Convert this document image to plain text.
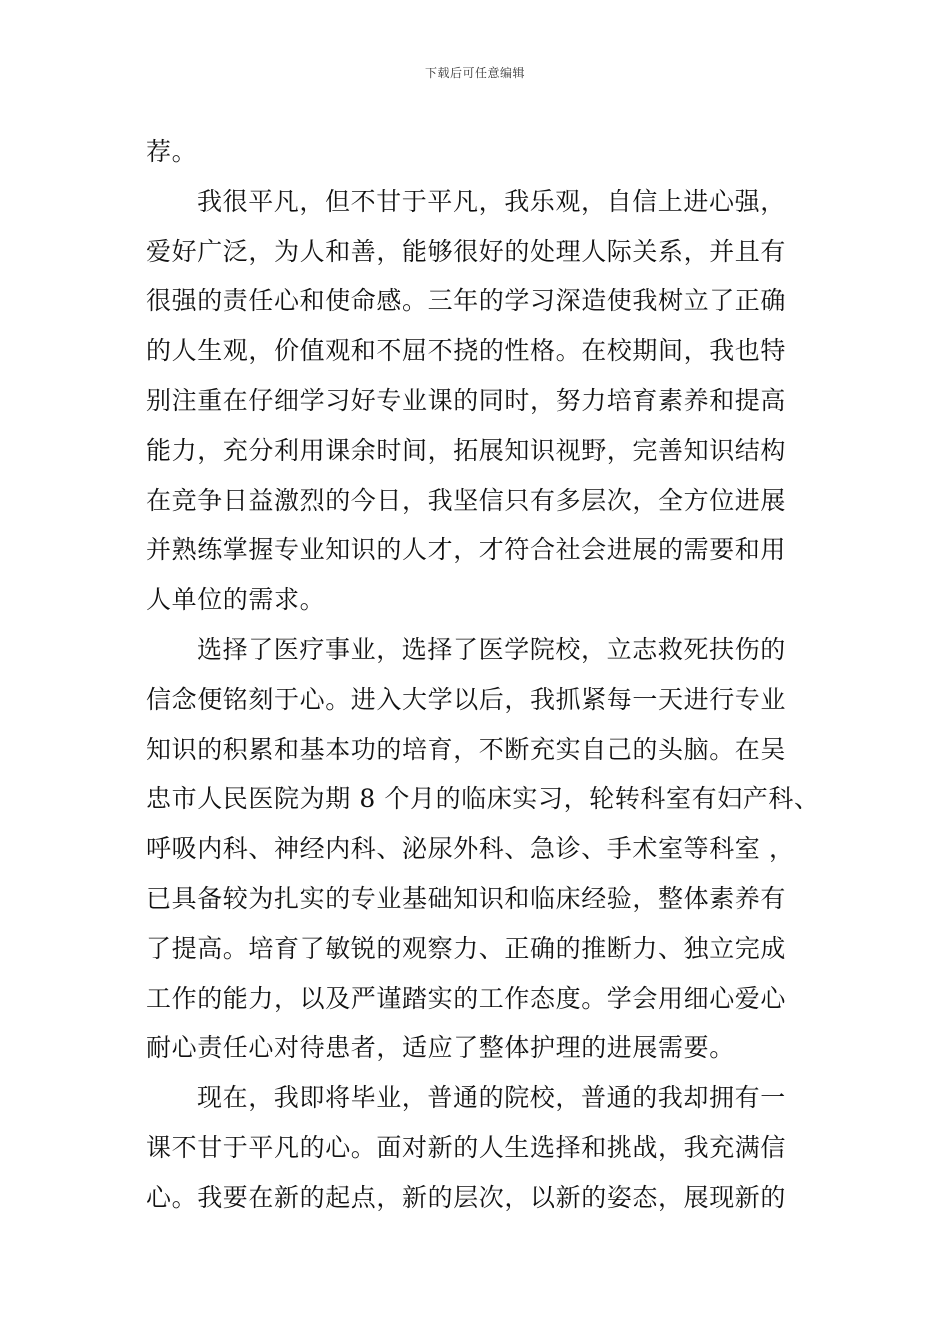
下载后可任意编辑
荐。
我很平凡，但不甘于平凡，我乐观，自信上进心强，
爱好广泛，为人和善，能够很好的处理人际关系，并且有
很强的责任心和使命感。三年的学习深造使我树立了正确
的人生观，价值观和不屈不挠的性格。在校期间，我也特
别注重在仔细学习好专业课的同时，努力培育素养和提高
能力，充分利用课余时间，拓展知识视野，完善知识结构
在竞争日益激烈的今日，我坚信只有多层次，全方位进展
并熟练掌握专业知识的人才，才符合社会进展的需要和用
人单位的需求。
选择了医疗事业，选择了医学院校，立志救死扶伤的
信念便铭刻于心。进入大学以后，我抓紧每一天进行专业
知识的积累和基本功的培育，不断充实自己的头脑。在吴
忠市人民医院为期 8 个月的临床实习，轮转科室有妇产科、
呼吸内科、神经内科、泌尿外科、急诊、手术室等科室 ，
已具备较为扎实的专业基础知识和临床经验，整体素养有
了提高。培育了敏锐的观察力、正确的推断力、独立完成
工作的能力，以及严谨踏实的工作态度。学会用细心爱心
耐心责任心对待患者，适应了整体护理的进展需要。
现在，我即将毕业，普通的院校，普通的我却拥有一
课不甘于平凡的心。面对新的人生选择和挑战，我充满信
心。我要在新的起点，新的层次，以新的姿态，展现新的
